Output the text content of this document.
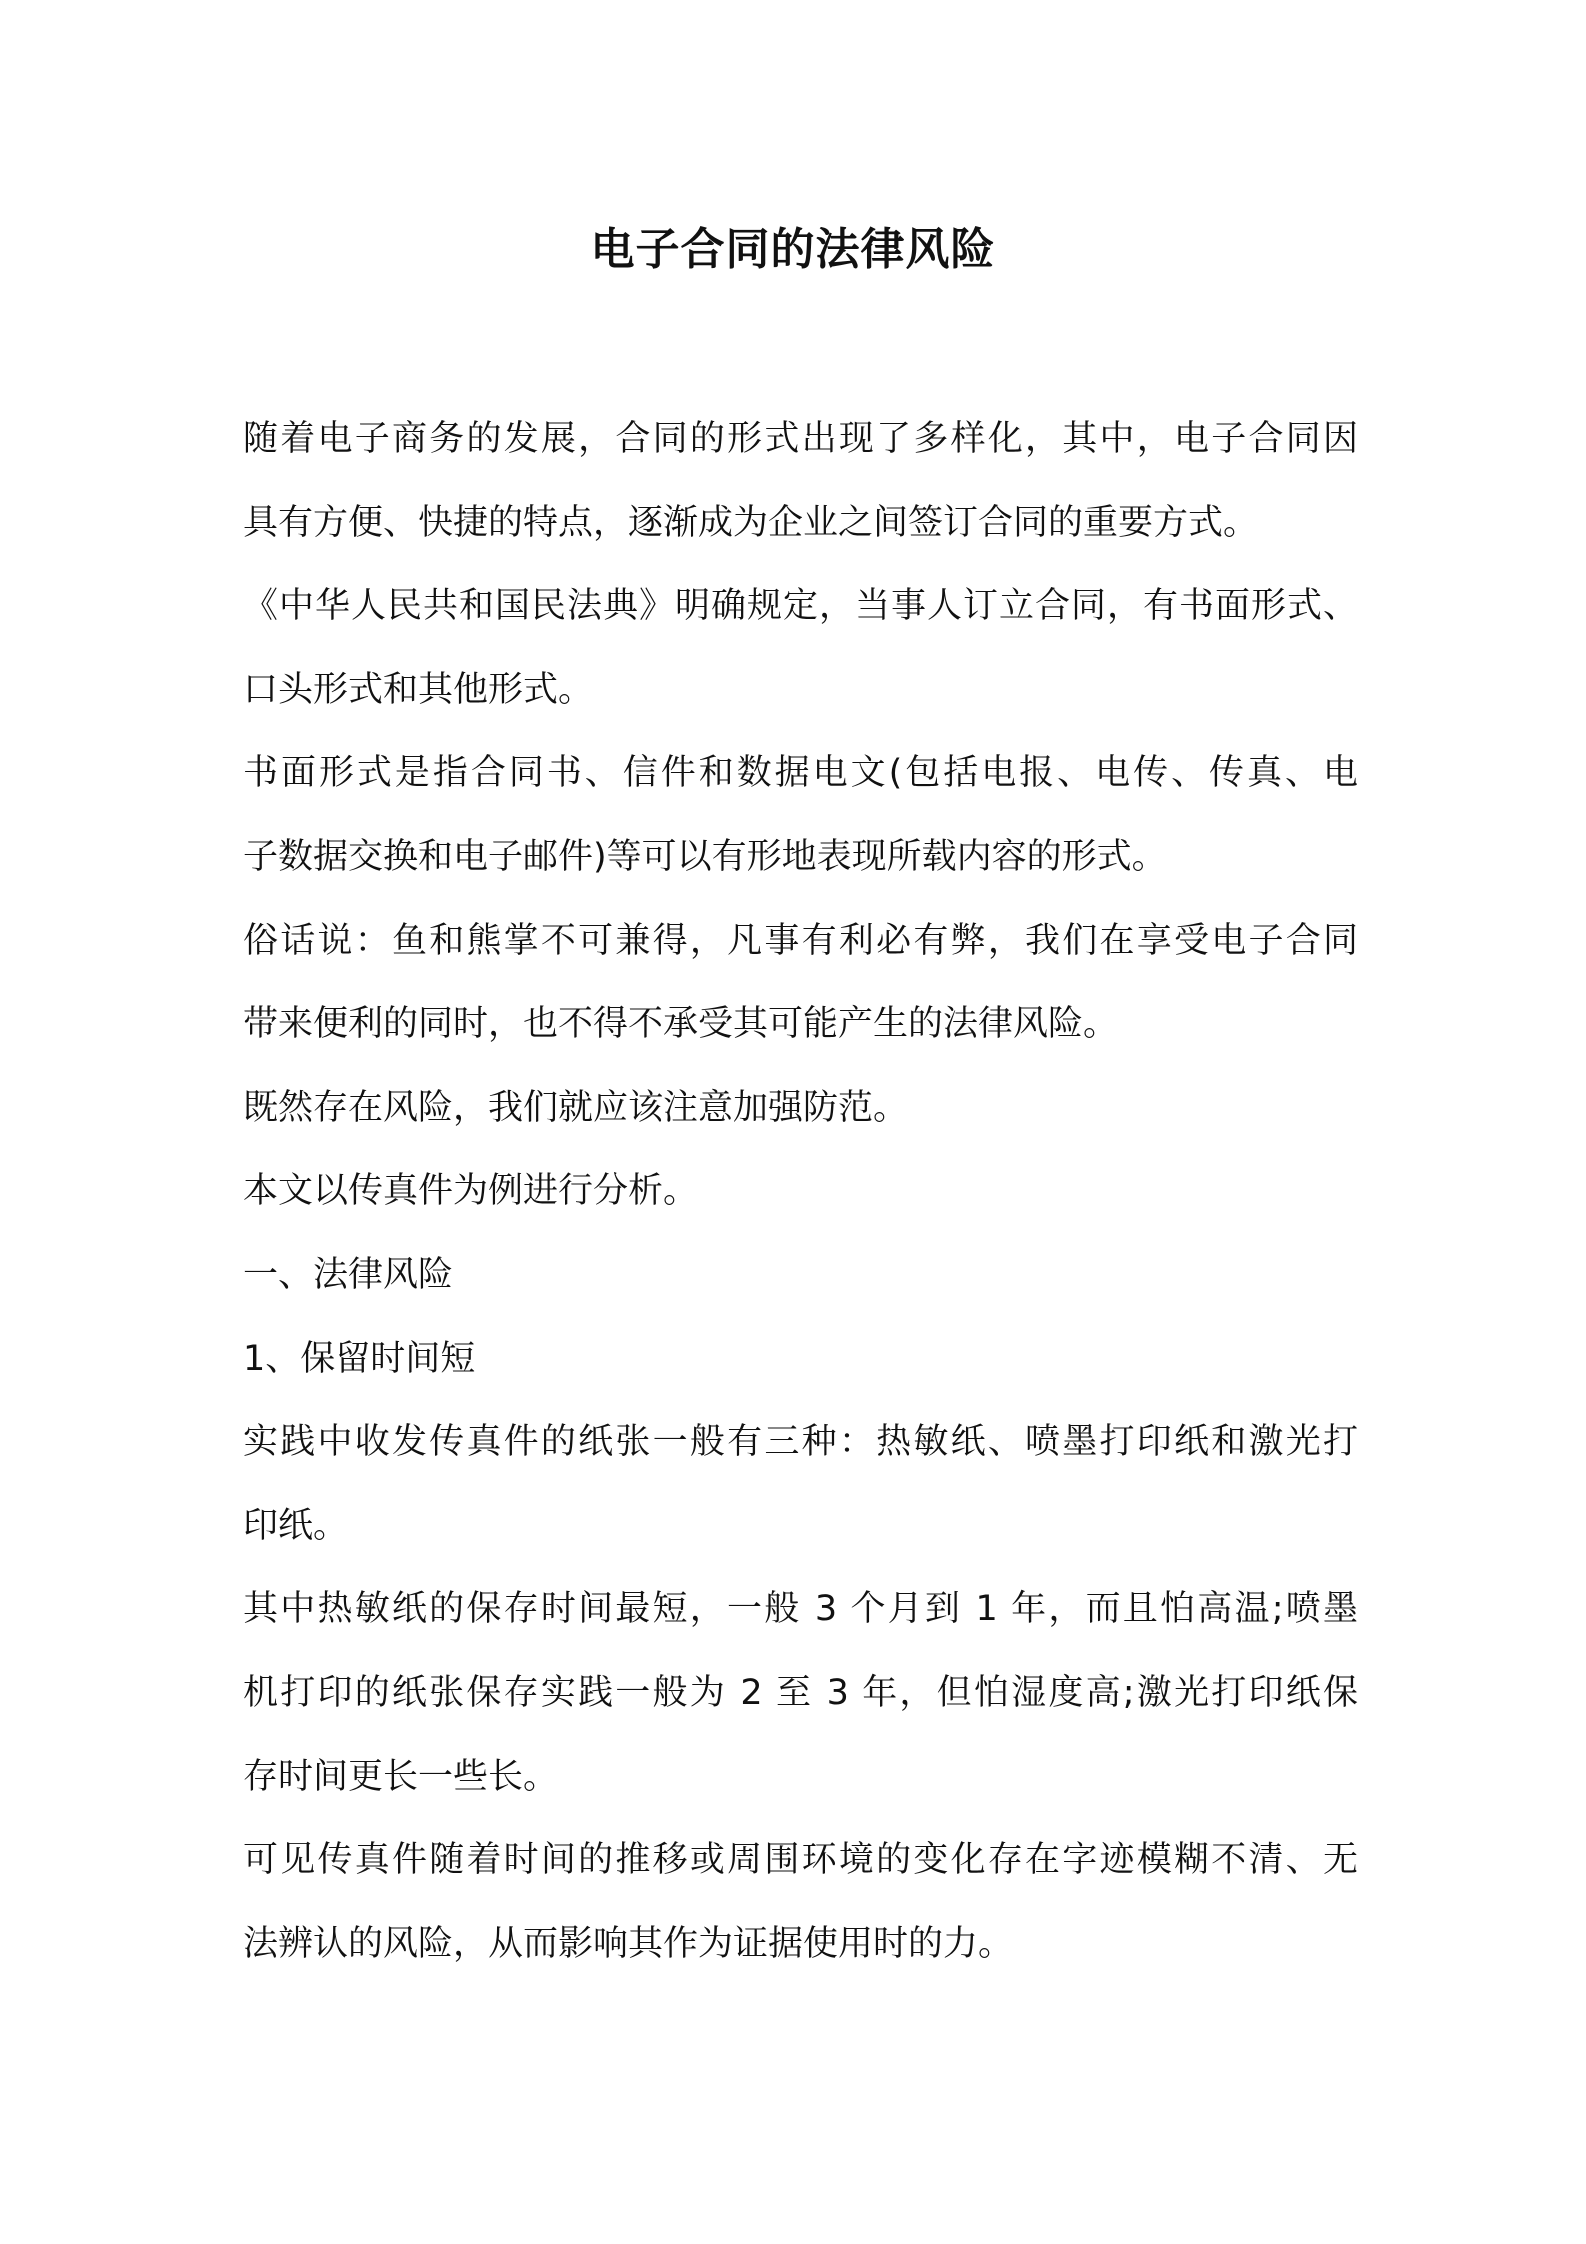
电子合同的法律风险
随着电子商务的发展，合同的形式出现了多样化，其中，电子合同因
具有方便、快捷的特点，逐渐成为企业之间签订合同的重要方式。
《中华人民共和国民法典》明确规定，当事人订立合同，有书面形式、
口头形式和其他形式。
书面形式是指合同书、信件和数据电文(包括电报、电传、传真、电
子数据交换和电子邮件)等可以有形地表现所载内容的形式。
俗话说：鱼和熊掌不可兼得，凡事有利必有弊，我们在享受电子合同
带来便利的同时，也不得不承受其可能产生的法律风险。
既然存在风险，我们就应该注意加强防范。
本文以传真件为例进行分析。
一、法律风险
1、保留时间短
实践中收发传真件的纸张一般有三种：热敏纸、喷墨打印纸和激光打
印纸。
其中热敏纸的保存时间最短，一般 3 个月到 1 年，而且怕高温;喷墨
机打印的纸张保存实践一般为 2 至 3 年，但怕湿度高;激光打印纸保
存时间更长一些长。
可见传真件随着时间的推移或周围环境的变化存在字迹模糊不清、无
法辨认的风险，从而影响其作为证据使用时的力。
